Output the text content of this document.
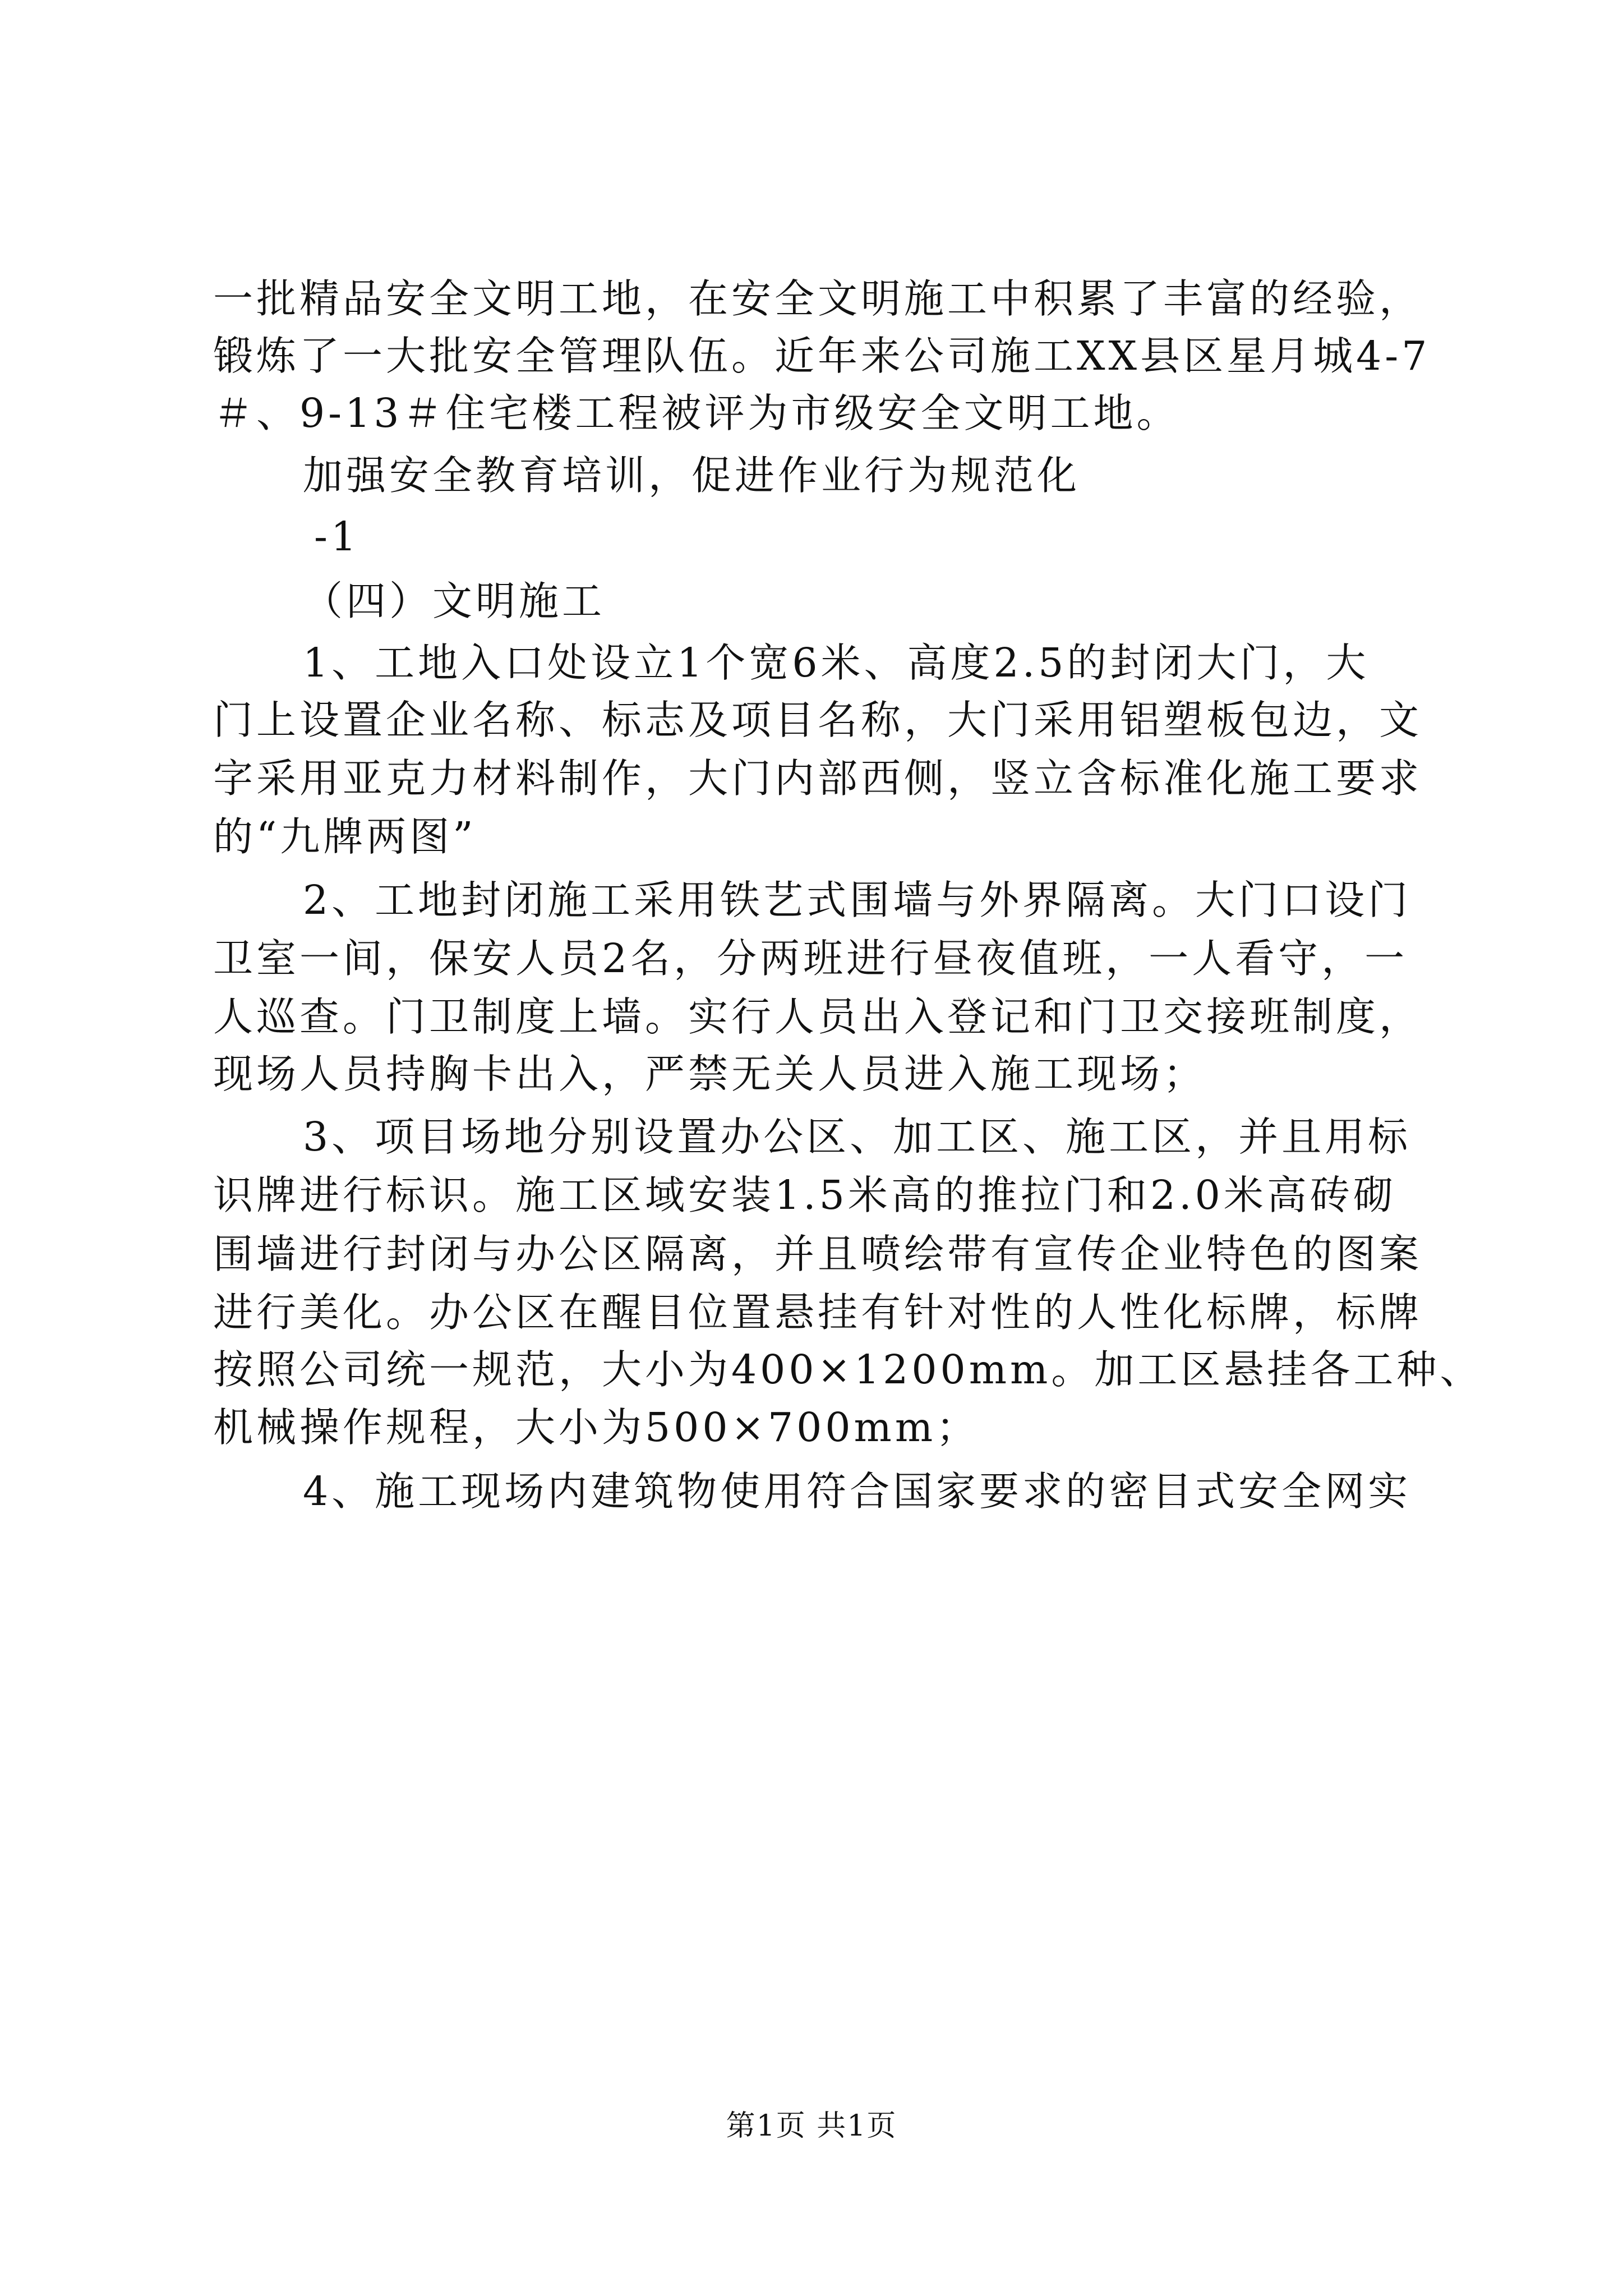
一批精品安全文明工地，在安全文明施工中积累了丰富的经验，
锻炼了一大批安全管理队伍。近年来公司施工XX县区星月城4-7
＃、9-13＃住宅楼工程被评为市级安全文明工地。
加强安全教育培训，促进作业行为规范化
-1
（四）文明施工
1、工地入口处设立1个宽6米、高度2.5的封闭大门，大
门上设置企业名称、标志及项目名称，大门采用铝塑板包边，文
字采用亚克力材料制作，大门内部西侧，竖立含标准化施工要求
的“九牌两图”
2、工地封闭施工采用铁艺式围墙与外界隔离。大门口设门
卫室一间，保安人员2名，分两班进行昼夜值班，一人看守，一
人巡查。门卫制度上墙。实行人员出入登记和门卫交接班制度，
现场人员持胸卡出入，严禁无关人员进入施工现场；
3、项目场地分别设置办公区、加工区、施工区，并且用标
识牌进行标识。施工区域安装1.5米高的推拉门和2.0米高砖砌
围墙进行封闭与办公区隔离，并且喷绘带有宣传企业特色的图案
进行美化。办公区在醒目位置悬挂有针对性的人性化标牌，标牌
按照公司统一规范，大小为400×1200mm。加工区悬挂各工种、
机械操作规程，大小为500×700mm；
4、施工现场内建筑物使用符合国家要求的密目式安全网实
第1页 共1页
